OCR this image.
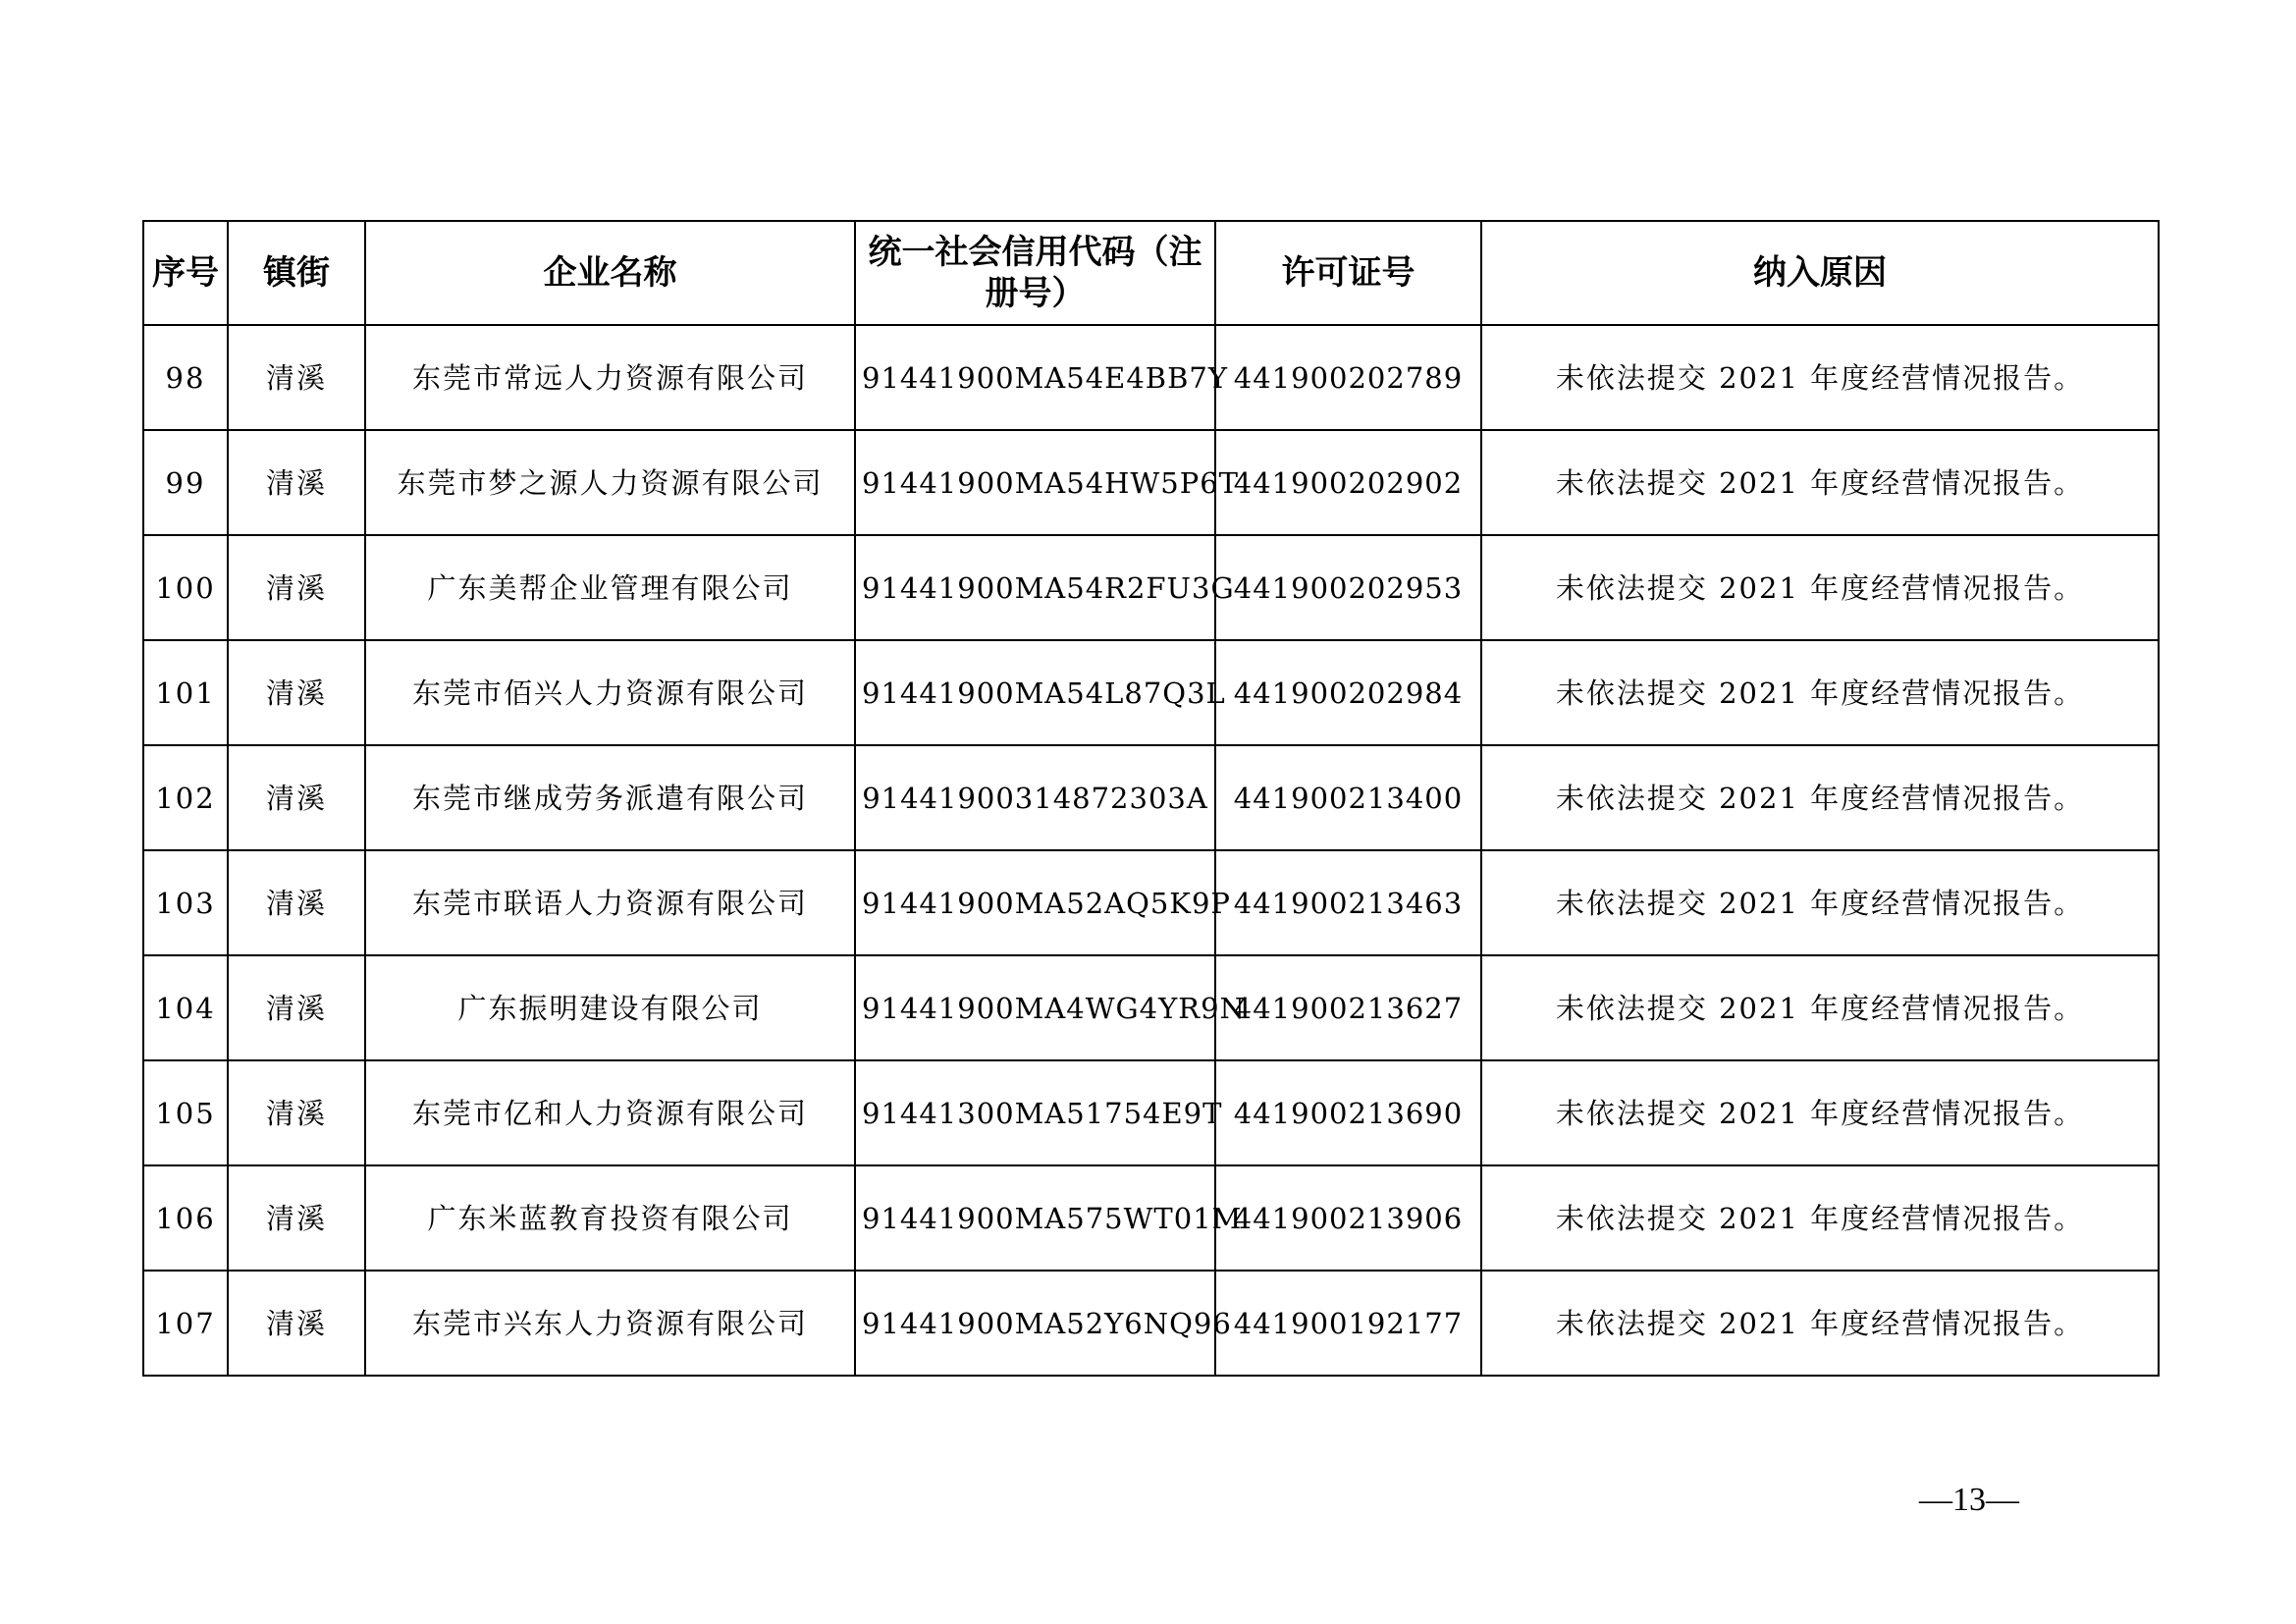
序号	镇街	企业名称	统一社会信用代码（注册号）	许可证号	纳入原因
98	清溪	东莞市常远人力资源有限公司	91441900MA54E4BB7Y	441900202789	未依法提交 2021 年度经营情况报告。
99	清溪	东莞市梦之源人力资源有限公司	91441900MA54HW5P6T	441900202902	未依法提交 2021 年度经营情况报告。
100	清溪	广东美帮企业管理有限公司	91441900MA54R2FU3G	441900202953	未依法提交 2021 年度经营情况报告。
101	清溪	东莞市佰兴人力资源有限公司	91441900MA54L87Q3L	441900202984	未依法提交 2021 年度经营情况报告。
102	清溪	东莞市继成劳务派遣有限公司	91441900314872303A	441900213400	未依法提交 2021 年度经营情况报告。
103	清溪	东莞市联语人力资源有限公司	91441900MA52AQ5K9P	441900213463	未依法提交 2021 年度经营情况报告。
104	清溪	广东振明建设有限公司	91441900MA4WG4YR9N	441900213627	未依法提交 2021 年度经营情况报告。
105	清溪	东莞市亿和人力资源有限公司	91441300MA51754E9T	441900213690	未依法提交 2021 年度经营情况报告。
106	清溪	广东米蓝教育投资有限公司	91441900MA575WT01M	441900213906	未依法提交 2021 年度经营情况报告。
107	清溪	东莞市兴东人力资源有限公司	91441900MA52Y6NQ96	441900192177	未依法提交 2021 年度经营情况报告。
—13—
